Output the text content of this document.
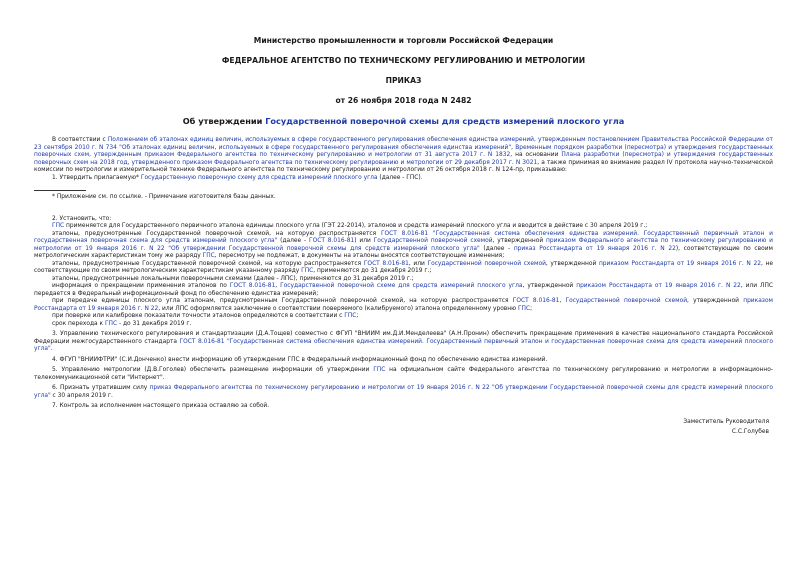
Министерство промышленности и торговли Российской Федерации
ФЕДЕРАЛЬНОЕ АГЕНТСТВО ПО ТЕХНИЧЕСКОМУ РЕГУЛИРОВАНИЮ И МЕТРОЛОГИИ
ПРИКАЗ
от 26 ноября 2018 года N 2482
Об утверждении Государственной поверочной схемы для средств измерений плоского угла

В соответствии с Положением об эталонах единиц величин, используемых в сфере государственного регулирования обеспечения единства измерений, утвержденным постановлением Правительства Российской Федерации от 23 сентября 2010 г. N 734 "Об эталонах единиц величин, используемых в сфере государственного регулирования обеспечения единства измерений", Временным порядком разработки (пересмотра) и утверждения государственных поверочных схем, утвержденным приказом Федерального агентства по техническому регулированию и метрологии от 31 августа 2017 г. N 1832, на основании Плана разработки (пересмотра) и утверждения государственных поверочных схем на 2018 год, утвержденного приказом Федерального агентства по техническому регулированию и метрологии от 29 декабря 2017 г. N 3021, а также принимая во внимание раздел IV протокола научно-технической комиссии по метрологии и измерительной технике Федерального агентства по техническому регулированию и метрологии от 26 октября 2018 г. N 124-пр, приказываю:

1. Утвердить прилагаемую* Государственную поверочную схему для средств измерений плоского угла (далее - ГПС).

* Приложение см. по ссылке. - Примечание изготовителя базы данных.

2. Установить, что:

ГПС применяется для Государственного первичного эталона единицы плоского угла (ГЭТ 22-2014), эталонов и средств измерений плоского угла и вводится в действие с 30 апреля 2019 г.;

эталоны, предусмотренные Государственной поверочной схемой, на которую распространяется ГОСТ 8.016-81 "Государственная система обеспечения единства измерений. Государственный первичный эталон и государственная поверочная схема для средств измерений плоского угла" (далее - ГОСТ 8.016-81) или Государственной поверочной схемой, утвержденной приказом Федерального агентства по техническому регулированию и метрологии от 19 января 2016 г. N 22 "Об утверждении Государственной поверочной схемы для средств измерений плоского угла" (далее - приказ Росстандарта от 19 января 2016 г. N 22), соответствующие по своим метрологическим характеристикам тому же разряду ГПС, пересмотру не подлежат, в документы на эталоны вносятся соответствующие изменения;

эталоны, предусмотренные Государственной поверочной схемой, на которую распространяется ГОСТ 8.016-81, или Государственной поверочной схемой, утвержденной приказом Росстандарта от 19 января 2016 г. N 22, не соответствующие по своим метрологическим характеристикам указанному разряду ГПС, применяются до 31 декабря 2019 г.;

эталоны, предусмотренные локальными поверочными схемами (далее - ЛПС), применяются до 31 декабря 2019 г.;

информация о прекращении применения эталонов по ГОСТ 8.016-81, Государственной поверочной схеме для средств измерений плоского угла, утвержденной приказом Росстандарта от 19 января 2016 г. N 22, или ЛПС передается в Федеральный информационный фонд по обеспечению единства измерений;

при передаче единицы плоского угла эталонам, предусмотренным Государственной поверочной схемой, на которую распространяется ГОСТ 8.016-81, Государственной поверочной схемой, утвержденной приказом Росстандарта от 19 января 2016 г. N 22, или ЛПС оформляется заключение о соответствии поверяемого (калибруемого) эталона определенному уровню ГПС;

при поверке или калибровке показатели точности эталонов определяются в соответствии с ГПС;

срок перехода к ГПС - до 31 декабря 2019 г.

3. Управлению технического регулирования и стандартизации (Д.А.Тощев) совместно с ФГУП "ВНИИМ им.Д.И.Менделеева" (А.Н.Пронин) обеспечить прекращение применения в качестве национального стандарта Российской Федерации межгосударственного стандарта ГОСТ 8.016-81 "Государственная система обеспечения единства измерений. Государственный первичный эталон и государственная поверочная схема для средств измерений плоского угла".

4. ФГУП "ВНИИФТРИ" (С.И.Донченко) внести информацию об утверждении ГПС в Федеральный информационный фонд по обеспечению единства измерений.

5. Управлению метрологии (Д.В.Гоголев) обеспечить размещение информации об утверждении ГПС на официальном сайте Федерального агентства по техническому регулированию и метрологии в информационно-телекоммуникационной сети "Интернет".

6. Признать утратившим силу приказ Федерального агентства по техническому регулированию и метрологии от 19 января 2016 г. N 22 "Об утверждении Государственной поверочной схемы для средств измерений плоского угла" с 30 апреля 2019 г.

7. Контроль за исполнением настоящего приказа оставляю за собой.

Заместитель Руководителя
С.С.Голубев
